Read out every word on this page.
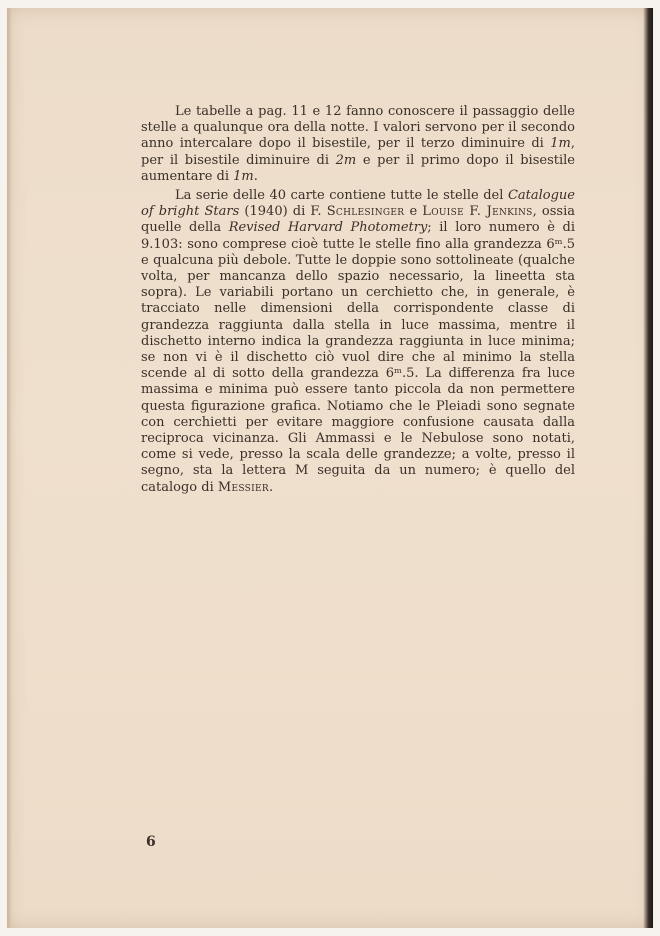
Le tabelle a pag. 11 e 12 fanno conoscere il passaggio delle stelle a qualunque ora della notte. I valori servono per il secondo anno intercalare dopo il bisestile, per il terzo diminuire di 1m, per il bisestile diminuire di 2m e per il primo dopo il bisestile aumentare di 1m.

La serie delle 40 carte contiene tutte le stelle del Catalogue of bright Stars (1940) di F. Schlesinger e Louise F. Jenkins, ossia quelle della Revised Harvard Photometry; il loro numero è di 9.103: sono comprese cioè tutte le stelle fino alla grandezza 6ᵐ.5 e qualcuna più debole. Tutte le doppie sono sottolineate (qualche volta, per mancanza dello spazio necessario, la lineetta sta sopra). Le variabili portano un cerchietto che, in generale, è tracciato nelle dimensioni della corrispondente classe di grandezza raggiunta dalla stella in luce massima, mentre il dischetto interno indica la grandezza raggiunta in luce minima; se non vi è il dischetto ciò vuol dire che al minimo la stella scende al di sotto della grandezza 6ᵐ.5. La differenza fra luce massima e minima può essere tanto piccola da non permettere questa figurazione grafica. Notiamo che le Pleiadi sono segnate con cerchietti per evitare maggiore confusione causata dalla reciproca vicinanza. Gli Ammassi e le Nebulose sono notati, come si vede, presso la scala delle grandezze; a volte, presso il segno, sta la lettera M seguita da un numero; è quello del catalogo di Messier.

6
